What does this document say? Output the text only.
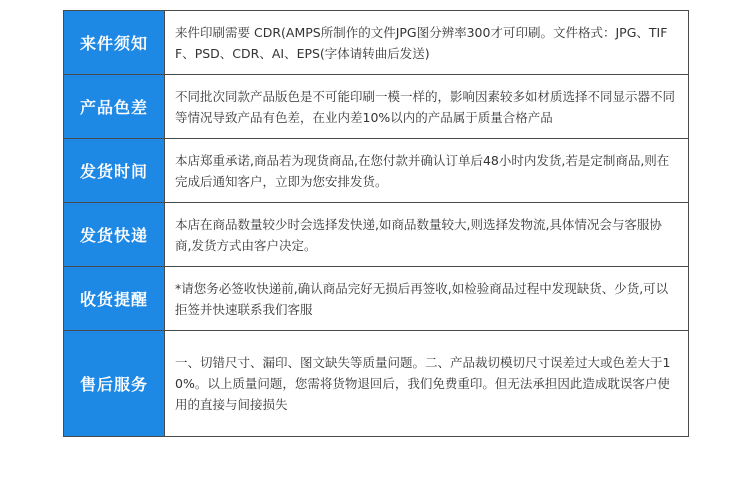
来件须知	来件印刷需要 CDR(AMPS所制作的文件JPG图分辨率300才可印刷。文件格式：JPG、TIFF、PSD、CDR、AI、EPS(字体请转曲后发送)
产品色差	不同批次同款产品版色是不可能印刷一模一样的，影响因素较多如材质选择不同显示器不同等情况导致产品有色差，在业内差10%以内的产品属于质量合格产品
发货时间	本店郑重承诺,商品若为现货商品,在您付款并确认订单后48小时内发货,若是定制商品,则在完成后通知客户，立即为您安排发货。
发货快递	本店在商品数量较少时会选择发快递,如商品数量较大,则选择发物流,具体情况会与客服协商,发货方式由客户决定。
收货提醒	*请您务必签收快递前,确认商品完好无损后再签收,如检验商品过程中发现缺货、少货,可以拒签并快速联系我们客服
售后服务	一、切错尺寸、漏印、图文缺失等质量问题。二、产品裁切模切尺寸误差过大或色差大于10%。以上质量问题，您需将货物退回后，我们免费重印。但无法承担因此造成耽误客户使用的直接与间接损失
